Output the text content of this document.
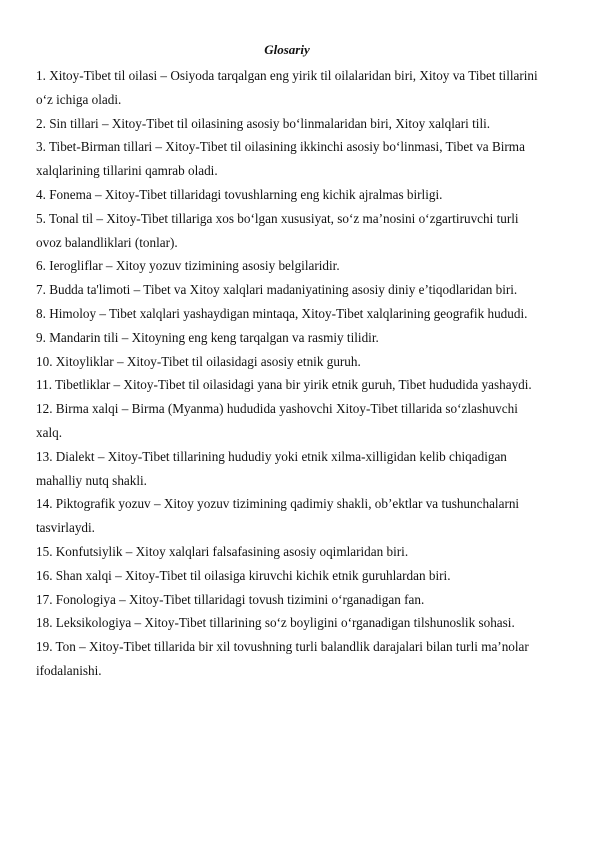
Glosariy

1. Xitoy-Tibet til oilasi – Osiyoda tarqalgan eng yirik til oilalaridan biri, Xitoy va Tibet tillarini o‘z ichiga oladi.

2. Sin tillari – Xitoy-Tibet til oilasining asosiy bo‘linmalaridan biri, Xitoy xalqlari tili.

3. Tibet-Birman tillari – Xitoy-Tibet til oilasining ikkinchi asosiy bo‘linmasi, Tibet va Birma xalqlarining tillarini qamrab oladi.

4. Fonema – Xitoy-Tibet tillaridagi tovushlarning eng kichik ajralmas birligi.

5. Tonal til – Xitoy-Tibet tillariga xos bo‘lgan xususiyat, so‘z ma’nosini o‘zgartiruvchi turli ovoz balandliklari (tonlar).

6. Ierogliflar – Xitoy yozuv tizimining asosiy belgilaridir.

7. Budda ta'limoti – Tibet va Xitoy xalqlari madaniyatining asosiy diniy e’tiqodlaridan biri.

8. Himoloy – Tibet xalqlari yashaydigan mintaqa, Xitoy-Tibet xalqlarining geografik hududi.

9. Mandarin tili – Xitoyning eng keng tarqalgan va rasmiy tilidir.

10. Xitoyliklar – Xitoy-Tibet til oilasidagi asosiy etnik guruh.

11. Tibetliklar – Xitoy-Tibet til oilasidagi yana bir yirik etnik guruh, Tibet hududida yashaydi.

12. Birma xalqi – Birma (Myanma) hududida yashovchi Xitoy-Tibet tillarida so‘zlashuvchi xalq.

13. Dialekt – Xitoy-Tibet tillarining hududiy yoki etnik xilma-xilligidan kelib chiqadigan mahalliy nutq shakli.

14. Piktografik yozuv – Xitoy yozuv tizimining qadimiy shakli, ob’ektlar va tushunchalarni tasvirlaydi.

15. Konfutsiylik – Xitoy xalqlari falsafasining asosiy oqimlaridan biri.

16. Shan xalqi – Xitoy-Tibet til oilasiga kiruvchi kichik etnik guruhlardan biri.

17. Fonologiya – Xitoy-Tibet tillaridagi tovush tizimini o‘rganadigan fan.

18. Leksikologiya – Xitoy-Tibet tillarining so‘z boyligini o‘rganadigan tilshunoslik sohasi.

19. Ton – Xitoy-Tibet tillarida bir xil tovushning turli balandlik darajalari bilan turli ma’nolar ifodalanishi.
